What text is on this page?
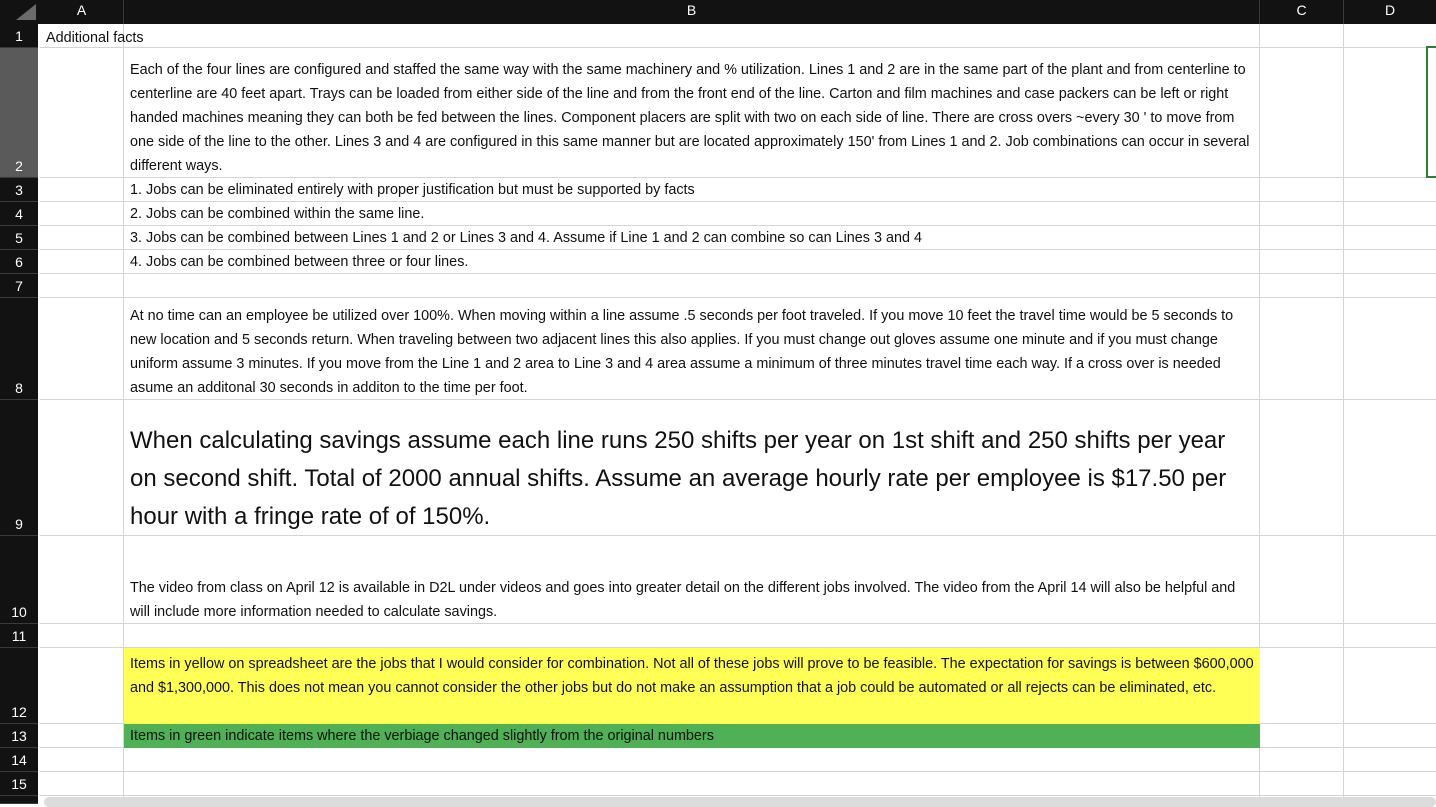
A	B	C	D
1
2
3
4
5
6
7
8
9
10
11
12
13
14
15
Additional facts
Each of the four lines are configured and staffed the same way with the same machinery and % utilization. Lines 1 and 2 are in the same part of the plant and from centerline to centerline are 40 feet apart. Trays can be loaded from either side of the line and from the front end of the line. Carton and film machines and case packers can be left or right handed machines meaning they can both be fed between the lines. Component placers are split with two on each side of line. There are cross overs ~every 30 ' to move from one side of the line to the other. Lines 3 and 4 are configured in this same manner but are located approximately 150' from Lines 1 and 2. Job combinations can occur in several different ways.
1. Jobs can be eliminated entirely with proper justification but must be supported by facts
2. Jobs can be combined within the same line.
3. Jobs can be combined between Lines 1 and 2 or Lines 3 and 4. Assume if Line 1 and 2 can combine so can Lines 3 and 4
4. Jobs can be combined between three or four lines.
At no time can an employee be utilized over 100%. When moving within a line assume .5 seconds per foot traveled. If you move 10 feet the travel time would be 5 seconds to new location and 5 seconds return. When traveling between two adjacent lines this also applies. If you must change out gloves assume one minute and if you must change uniform assume 3 minutes. If you move from the Line 1 and 2 area to Line 3 and 4 area assume a minimum of three minutes travel time each way. If a cross over is needed asume an additonal 30 seconds in additon to the time per foot.
When calculating savings assume each line runs 250 shifts per year on 1st shift and 250 shifts per year on second shift. Total of 2000 annual shifts. Assume an average hourly rate per employee is $17.50 per hour with a fringe rate of of 150%.
The video from class on April 12 is available in D2L under videos and goes into greater detail on the different jobs involved. The video from the April 14 will also be helpful and will include more information needed to calculate savings.
Items in yellow on spreadsheet are the jobs that I would consider for combination. Not all of these jobs will prove to be feasible. The expectation for savings is between $600,000 and $1,300,000. This does not mean you cannot consider the other jobs but do not make an assumption that a job could be automated or all rejects can be eliminated, etc.
Items in green indicate items where the verbiage changed slightly from the original numbers
